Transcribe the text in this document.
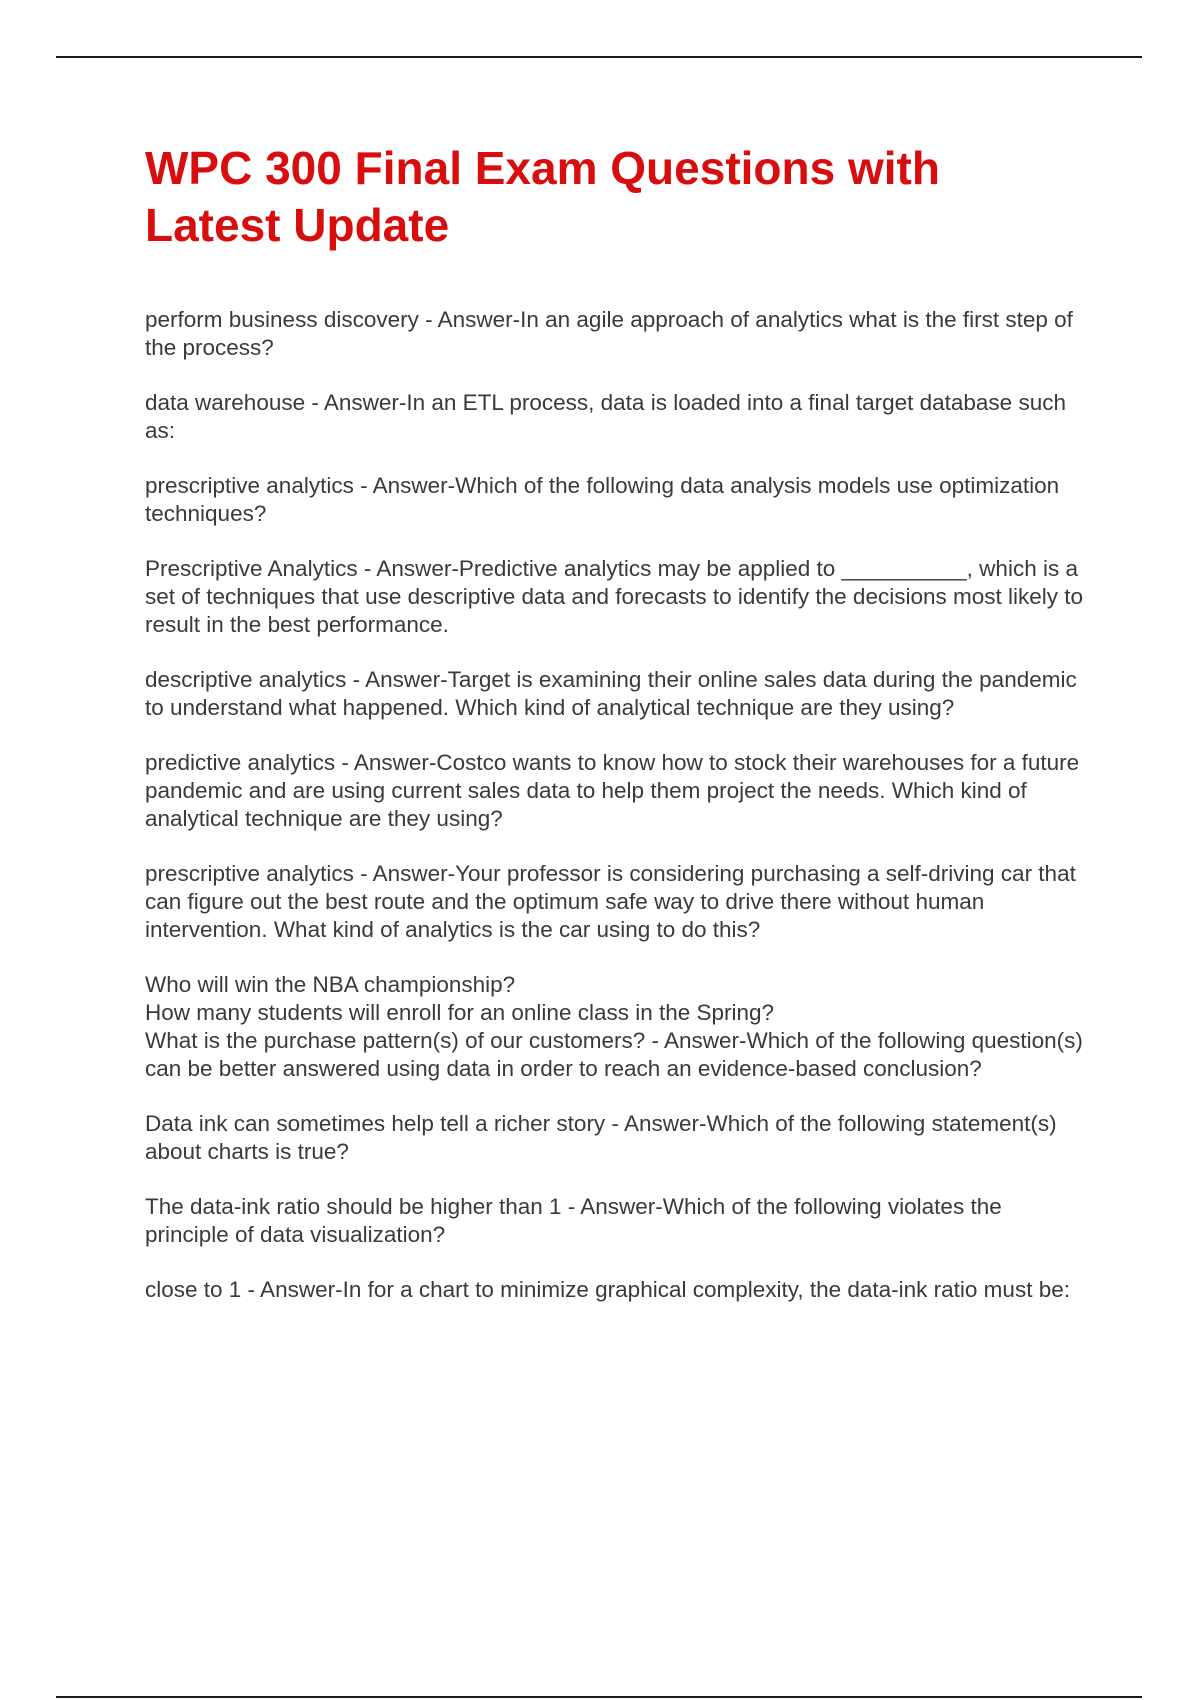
WPC 300 Final Exam Questions with Latest Update

perform business discovery - Answer-In an agile approach of analytics what is the first step of the process?

data warehouse - Answer-In an ETL process, data is loaded into a final target database such as:

prescriptive analytics - Answer-Which of the following data analysis models use optimization techniques?

Prescriptive Analytics - Answer-Predictive analytics may be applied to __________, which is a set of techniques that use descriptive data and forecasts to identify the decisions most likely to result in the best performance.

descriptive analytics - Answer-Target is examining their online sales data during the pandemic to understand what happened. Which kind of analytical technique are they using?

predictive analytics - Answer-Costco wants to know how to stock their warehouses for a future pandemic and are using current sales data to help them project the needs. Which kind of analytical technique are they using?

prescriptive analytics - Answer-Your professor is considering purchasing a self-driving car that can figure out the best route and the optimum safe way to drive there without human intervention. What kind of analytics is the car using to do this?

Who will win the NBA championship?
How many students will enroll for an online class in the Spring?
What is the purchase pattern(s) of our customers? - Answer-Which of the following question(s) can be better answered using data in order to reach an evidence-based conclusion?

Data ink can sometimes help tell a richer story - Answer-Which of the following statement(s) about charts is true?

The data-ink ratio should be higher than 1 - Answer-Which of the following violates the principle of data visualization?

close to 1 - Answer-In for a chart to minimize graphical complexity, the data-ink ratio must be:
